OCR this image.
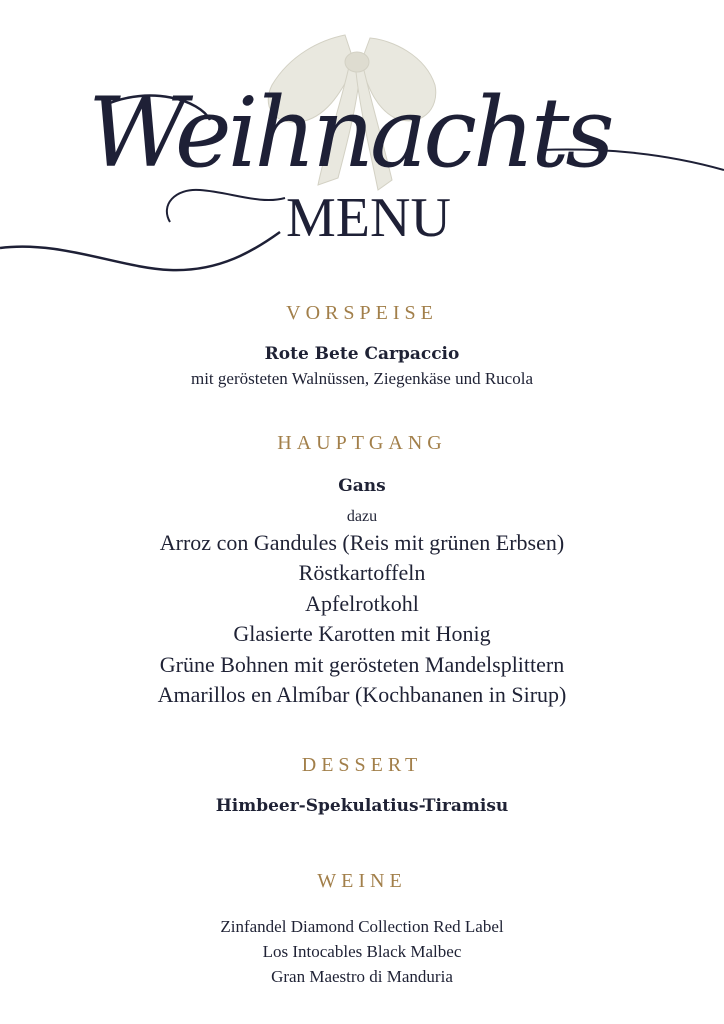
Weihnachts
MENU

VORSPEISE

Rote Bete Carpaccio

mit gerösteten Walnüssen, Ziegenkäse und Rucola

HAUPTGANG

Gans

dazu

Arroz con Gandules (Reis mit grünen Erbsen)
Röstkartoffeln
Apfelrotkohl
Glasierte Karotten mit Honig
Grüne Bohnen mit gerösteten Mandelsplittern
Amarillos en Almíbar (Kochbananen in Sirup)

DESSERT

Himbeer-Spekulatius-Tiramisu

WEINE

Zinfandel Diamond Collection Red Label
Los Intocables Black Malbec
Gran Maestro di Manduria
